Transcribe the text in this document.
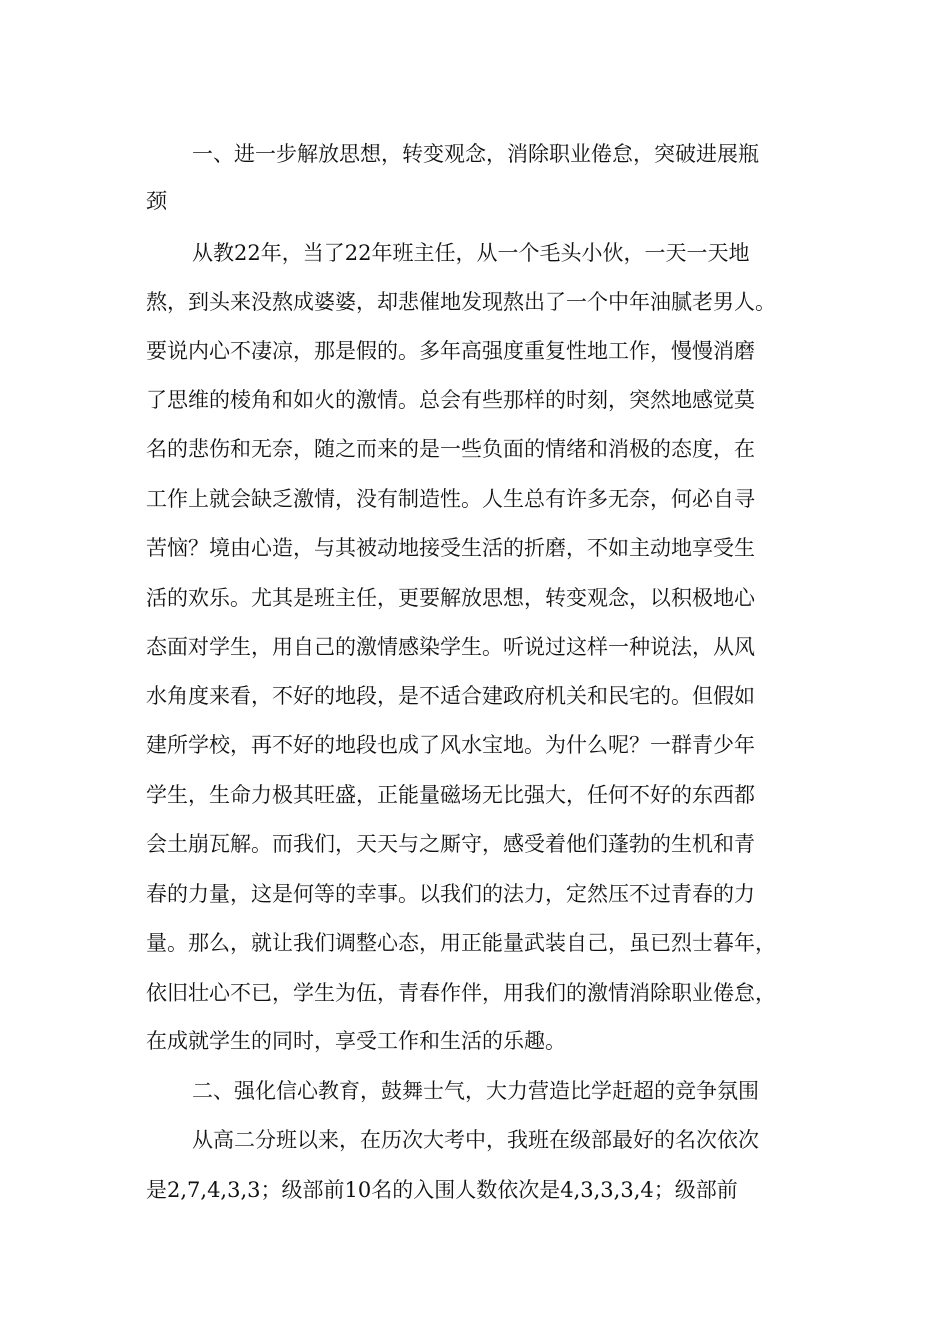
一、进一步解放思想，转变观念，消除职业倦怠，突破进展瓶

颈

从教22年，当了22年班主任，从一个毛头小伙，一天一天地

熬，到头来没熬成婆婆，却悲催地发现熬出了一个中年油腻老男人。

要说内心不凄凉，那是假的。多年高强度重复性地工作，慢慢消磨

了思维的棱角和如火的激情。总会有些那样的时刻，突然地感觉莫

名的悲伤和无奈，随之而来的是一些负面的情绪和消极的态度，在

工作上就会缺乏激情，没有制造性。人生总有许多无奈，何必自寻

苦恼？境由心造，与其被动地接受生活的折磨，不如主动地享受生

活的欢乐。尤其是班主任，更要解放思想，转变观念，以积极地心

态面对学生，用自己的激情感染学生。听说过这样一种说法，从风

水角度来看，不好的地段，是不适合建政府机关和民宅的。但假如

建所学校，再不好的地段也成了风水宝地。为什么呢？一群青少年

学生，生命力极其旺盛，正能量磁场无比强大，任何不好的东西都

会土崩瓦解。而我们，天天与之厮守，感受着他们蓬勃的生机和青

春的力量，这是何等的幸事。以我们的法力，定然压不过青春的力

量。那么，就让我们调整心态，用正能量武装自己，虽已烈士暮年，

依旧壮心不已，学生为伍，青春作伴，用我们的激情消除职业倦怠，

在成就学生的同时，享受工作和生活的乐趣。

二、强化信心教育，鼓舞士气，大力营造比学赶超的竞争氛围

从高二分班以来，在历次大考中，我班在级部最好的名次依次

是2,7,4,3,3；级部前10名的入围人数依次是4,3,3,3,4；级部前
